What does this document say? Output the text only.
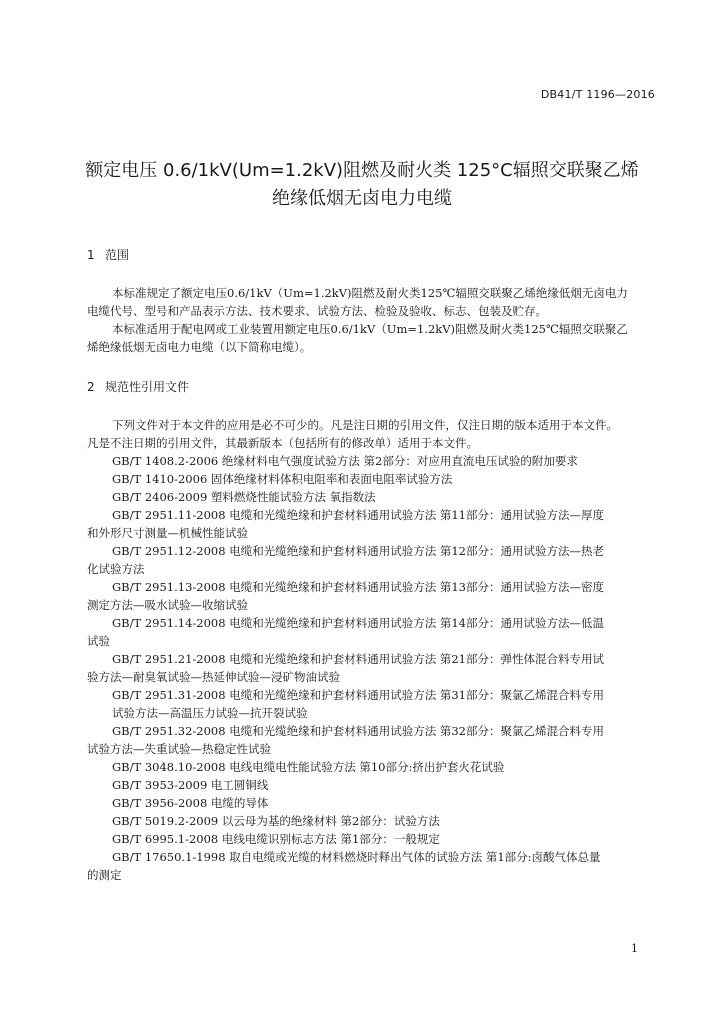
DB41/T 1196—2016
额定电压 0.6/1kV(Um=1.2kV)阻燃及耐火类 125°C辐照交联聚乙烯
绝缘低烟无卤电力电缆
1 范围
本标准规定了额定电压0.6/1kV（Um=1.2kV)阻燃及耐火类125℃辐照交联聚乙烯绝缘低烟无卤电力
电缆代号、型号和产品表示方法、技术要求、试验方法、检验及验收、标志、包装及贮存。
本标准适用于配电网或工业装置用额定电压0.6/1kV（Um=1.2kV)阻燃及耐火类125℃辐照交联聚乙
烯绝缘低烟无卤电力电缆（以下简称电缆）。
2 规范性引用文件
下列文件对于本文件的应用是必不可少的。凡是注日期的引用文件，仅注日期的版本适用于本文件。
凡是不注日期的引用文件，其最新版本（包括所有的修改单）适用于本文件。
GB/T 1408.2-2006 绝缘材料电气强度试验方法 第2部分：对应用直流电压试验的附加要求
GB/T 1410-2006 固体绝缘材料体积电阻率和表面电阻率试验方法
GB/T 2406-2009 塑料燃烧性能试验方法 氧指数法
GB/T 2951.11-2008 电缆和光缆绝缘和护套材料通用试验方法 第11部分：通用试验方法—厚度
和外形尺寸测量—机械性能试验
GB/T 2951.12-2008 电缆和光缆绝缘和护套材料通用试验方法 第12部分：通用试验方法—热老
化试验方法
GB/T 2951.13-2008 电缆和光缆绝缘和护套材料通用试验方法 第13部分：通用试验方法—密度
测定方法—吸水试验—收缩试验
GB/T 2951.14-2008 电缆和光缆绝缘和护套材料通用试验方法 第14部分：通用试验方法—低温
试验
GB/T 2951.21-2008 电缆和光缆绝缘和护套材料通用试验方法 第21部分：弹性体混合料专用试
验方法—耐臭氧试验—热延伸试验—浸矿物油试验
GB/T 2951.31-2008 电缆和光缆绝缘和护套材料通用试验方法 第31部分：聚氯乙烯混合料专用
试验方法—高温压力试验—抗开裂试验
GB/T 2951.32-2008 电缆和光缆绝缘和护套材料通用试验方法 第32部分：聚氯乙烯混合料专用
试验方法—失重试验—热稳定性试验
GB/T 3048.10-2008 电线电缆电性能试验方法 第10部分:挤出护套火花试验
GB/T 3953-2009 电工圆铜线
GB/T 3956-2008 电缆的导体
GB/T 5019.2-2009 以云母为基的绝缘材料 第2部分：试验方法
GB/T 6995.1-2008 电线电缆识别标志方法 第1部分：一般规定
GB/T 17650.1-1998 取自电缆或光缆的材料燃烧时释出气体的试验方法 第1部分:卤酸气体总量
的测定
1
